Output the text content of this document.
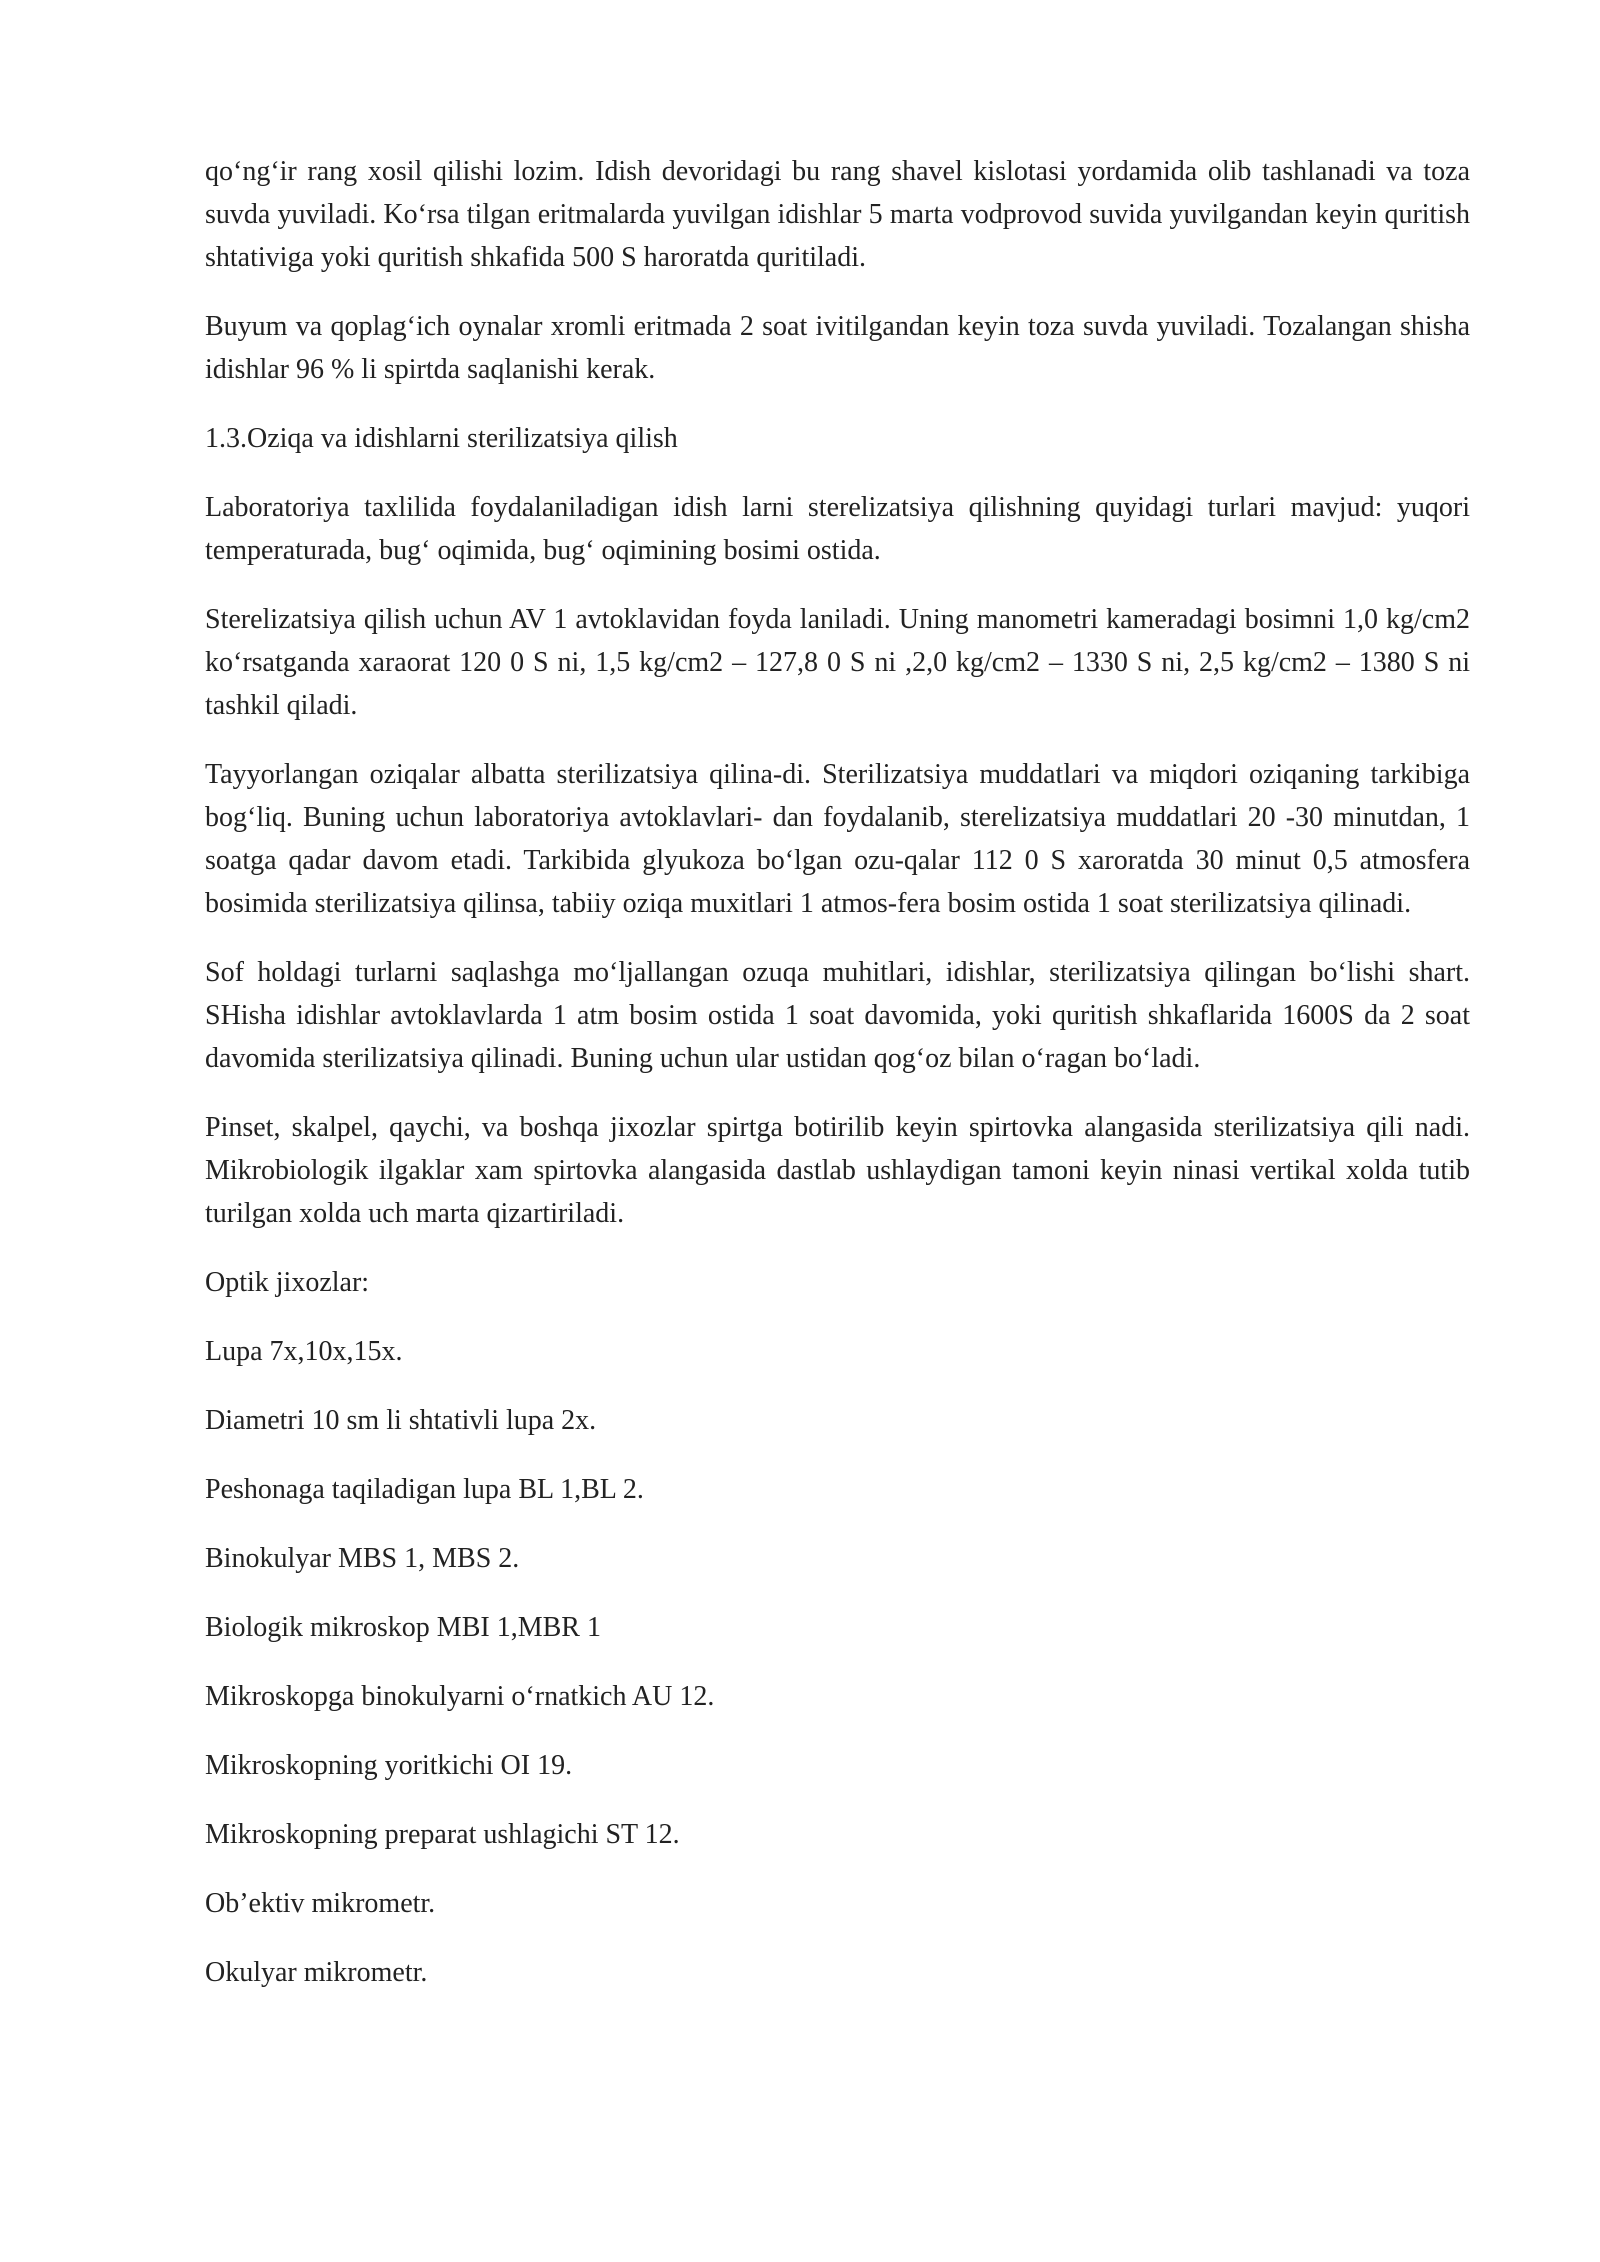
qo‘ng‘ir rang xosil qilishi lozim. Idish devoridagi bu rang shavel kislotasi yordamida olib tashlanadi va toza suvda yuviladi. Ko‘rsa tilgan eritmalarda yuvilgan idishlar 5 marta vodprovod suvida yuvilgandan keyin quritish shtativiga yoki quritish shkafida 500 S haroratda quritiladi.

Buyum va qoplag‘ich oynalar xromli eritmada 2 soat ivitilgandan keyin toza suvda yuviladi. Tozalangan shisha idishlar 96 % li spirtda saqlanishi kerak.

1.3.Oziqa va idishlarni sterilizatsiya qilish

Laboratoriya taxlilida foydalaniladigan idish larni sterelizatsiya qilishning quyidagi turlari mavjud: yuqori temperaturada, bug‘ oqimida, bug‘ oqimining bosimi ostida.

Sterelizatsiya qilish uchun AV 1 avtoklavidan foyda laniladi. Uning manometri kameradagi bosimni 1,0 kg/cm2 ko‘rsatganda xaraorat 120 0 S ni, 1,5 kg/cm2 – 127,8 0 S ni ,2,0 kg/cm2 – 1330 S ni, 2,5 kg/cm2 – 1380 S ni tashkil qiladi.

Tayyorlangan oziqalar albatta sterilizatsiya qilina-di. Sterilizatsiya muddatlari va miqdori oziqaning tarkibiga bog‘liq. Buning uchun laboratoriya avtoklavlari- dan foydalanib, sterelizatsiya muddatlari 20 -30 minutdan, 1 soatga qadar davom etadi. Tarkibida glyukoza bo‘lgan ozu-qalar 112 0 S xaroratda 30 minut 0,5 atmosfera bosimida sterilizatsiya qilinsa, tabiiy oziqa muxitlari 1 atmos-fera bosim ostida 1 soat sterilizatsiya qilinadi.

Sof holdagi turlarni saqlashga mo‘ljallangan ozuqa muhitlari, idishlar, sterilizatsiya qilingan bo‘lishi shart. SHisha idishlar avtoklavlarda 1 atm bosim ostida 1 soat davomida, yoki quritish shkaflarida 1600S da 2 soat davomida sterilizatsiya qilinadi. Buning uchun ular ustidan qog‘oz bilan o‘ragan bo‘ladi.

Pinset, skalpel, qaychi, va boshqa jixozlar spirtga botirilib keyin spirtovka alangasida sterilizatsiya qili nadi. Mikrobiologik ilgaklar xam spirtovka alangasida dastlab ushlaydigan tamoni keyin ninasi vertikal xolda tutib turilgan xolda uch marta qizartiriladi.

Optik jixozlar:

Lupa 7x,10x,15x.

Diametri 10 sm li shtativli lupa 2x.

Peshonaga taqiladigan lupa BL 1,BL 2.

Binokulyar MBS 1, MBS 2.

Biologik mikroskop MBI 1,MBR 1

Mikroskopga binokulyarni o‘rnatkich AU 12.

Mikroskopning yoritkichi OI 19.

Mikroskopning preparat ushlagichi ST 12.

Ob’ektiv mikrometr.

Okulyar mikrometr.
